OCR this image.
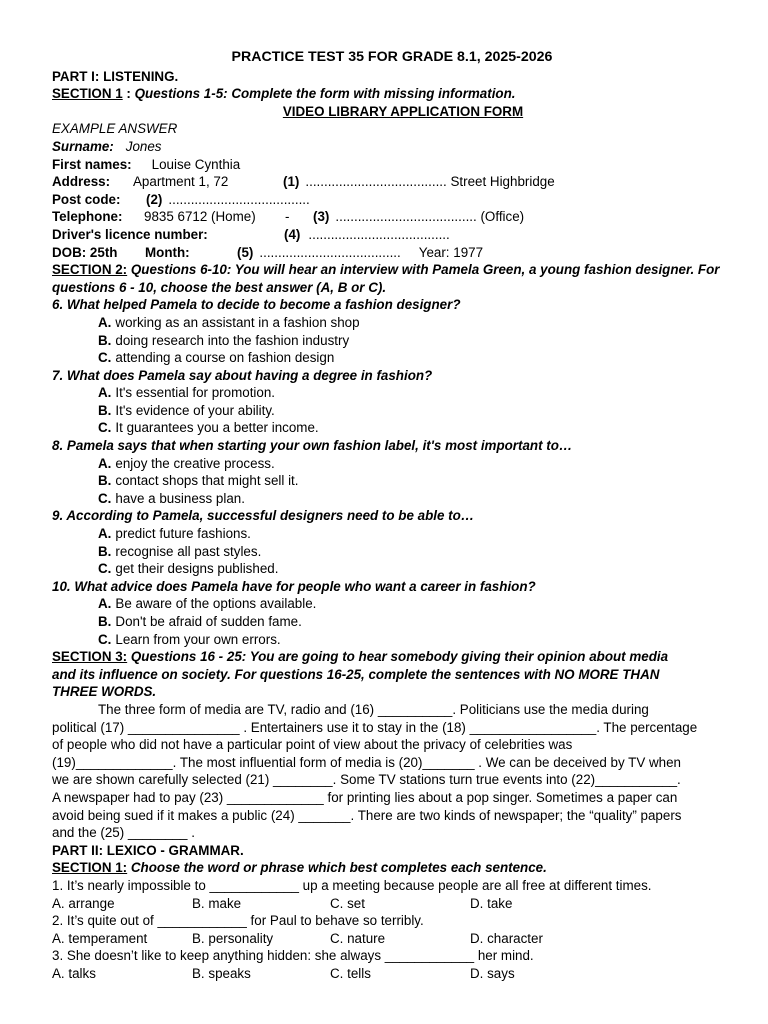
PRACTICE TEST 35 FOR GRADE 8.1, 2025-2026
PART I: LISTENING.
SECTION 1 : Questions 1-5: Complete the form with missing information.
VIDEO LIBRARY APPLICATION FORM
EXAMPLE ANSWER
Surname: Jones
First names: Louise Cynthia
Address:	Apartment 1, 72	(1) ...................................... Street Highbridge
Post code:	(2) ......................................
Telephone:	9835 6712 (Home)	-	(3) ...................................... (Office)
Driver's licence number:	(4) ......................................
DOB: 25th	Month:	(5) ...................................... Year: 1977
SECTION 2: Questions 6-10: You will hear an interview with Pamela Green, a young fashion designer. For questions 6 - 10, choose the best answer (A, B or C).
6. What helped Pamela to decide to become a fashion designer?
A. working as an assistant in a fashion shop
B. doing research into the fashion industry
C. attending a course on fashion design
7. What does Pamela say about having a degree in fashion?
A. It's essential for promotion.
B. It's evidence of your ability.
C. It guarantees you a better income.
8. Pamela says that when starting your own fashion label, it's most important to…
A. enjoy the creative process.
B. contact shops that might sell it.
C. have a business plan.
9. According to Pamela, successful designers need to be able to…
A. predict future fashions.
B. recognise all past styles.
C. get their designs published.
10. What advice does Pamela have for people who want a career in fashion?
A. Be aware of the options available.
B. Don't be afraid of sudden fame.
C. Learn from your own errors.
SECTION 3: Questions 16 - 25: You are going to hear somebody giving their opinion about media
and its influence on society. For questions 16-25, complete the sentences with NO MORE THAN
THREE WORDS.
The three form of media are TV, radio and (16) __________. Politicians use the media during
political (17) _______________ . Entertainers use it to stay in the (18) _________________. The percentage
of people who did not have a particular point of view about the privacy of celebrities was
(19)_____________. The most influential form of media is (20)_______ . We can be deceived by TV when
we are shown carefully selected (21) ________. Some TV stations turn true events into (22)___________.
A newspaper had to pay (23) _____________ for printing lies about a pop singer. Sometimes a paper can
avoid being sued if it makes a public (24) _______. There are two kinds of newspaper; the “quality” papers
and the (25) ________ .
PART II: LEXICO - GRAMMAR.
SECTION 1: Choose the word or phrase which best completes each sentence.
1. It’s nearly impossible to ____________ up a meeting because people are all free at different times.
A. arrange	B. make	C. set	D. take
2. It’s quite out of ____________ for Paul to behave so terribly.
A. temperament	B. personality	C. nature	D. character
3. She doesn’t like to keep anything hidden: she always ____________ her mind.
A. talks	B. speaks	C. tells	D. says
